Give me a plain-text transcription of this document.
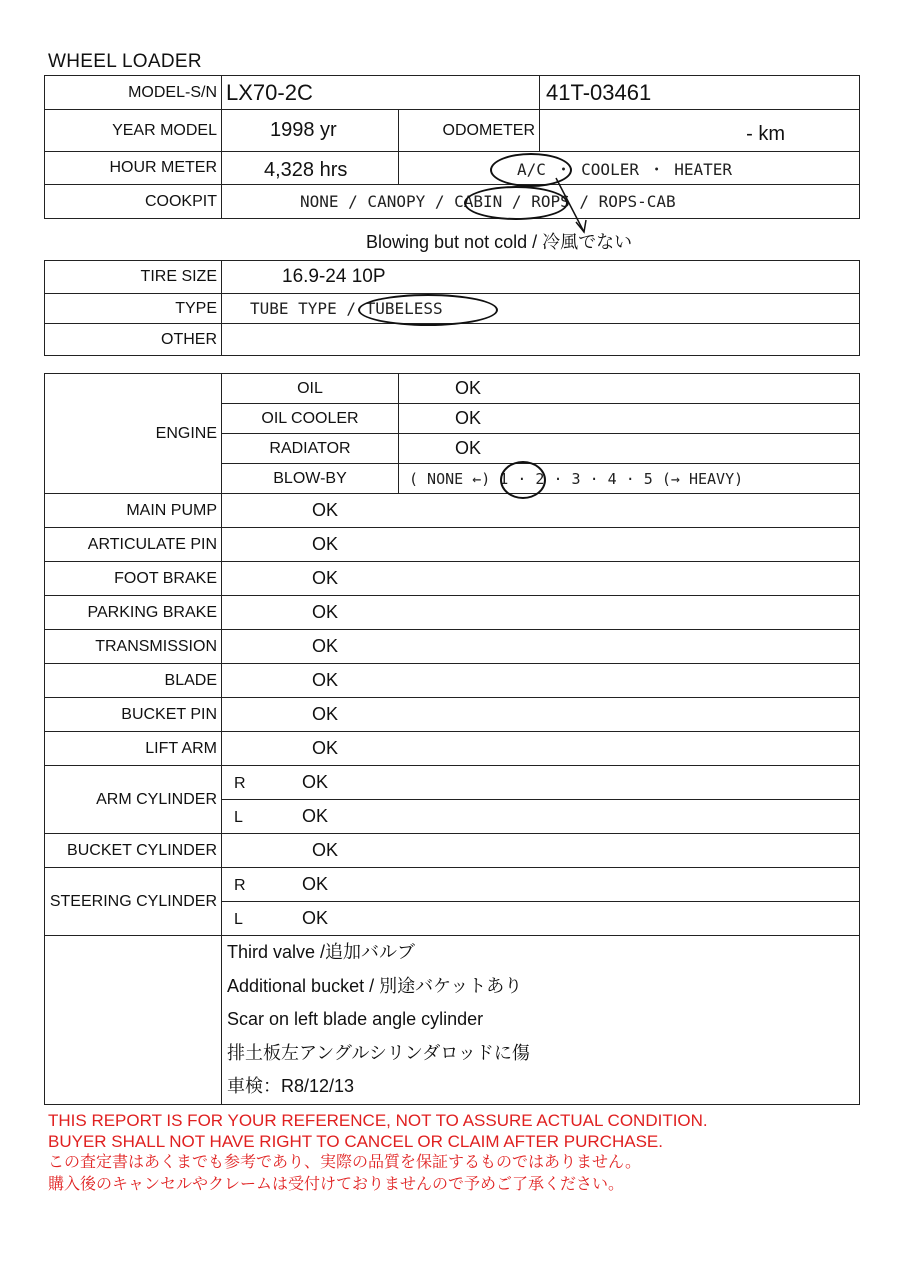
WHEEL LOADER
MODEL-S/N	LX70-2C		41T-03461
YEAR MODEL	1998 yr	ODOMETER	- km
HOUR METER	4,328 hrs	A/C ・ COOLER ・ HEATER	
COOKPIT	NONE / CANOPY / CABIN / ROPS / ROPS-CAB		
Blowing but not cold / 冷風でない
TIRE SIZE	16.9-24 10P
TYPE	TUBE TYPE / TUBELESS
OTHER	
ENGINE	OIL	OK
	OIL COOLER	OK
	RADIATOR	OK
	BLOW-BY	( NONE ←) 1 · 2 · 3 · 4 · 5 (→ HEAVY)
MAIN PUMP	OK	
ARTICULATE PIN	OK	
FOOT BRAKE	OK	
PARKING BRAKE	OK	
TRANSMISSION	OK	
BLADE	OK	
BUCKET PIN	OK	
LIFT ARM	OK	
ARM CYLINDER	R OK	
	L OK	
BUCKET CYLINDER	OK	
STEERING CYLINDER	R OK	
	L OK	

	Third valve /追加バルブ
Additional bucket / 別途バケットあり
Scar on left blade angle cylinder
排土板左アングルシリンダロッドに傷
車検：R8/12/13	
THIS REPORT IS FOR YOUR REFERENCE, NOT TO ASSURE ACTUAL CONDITION.
BUYER SHALL NOT HAVE RIGHT TO CANCEL OR CLAIM AFTER PURCHASE.
この査定書はあくまでも参考であり、実際の品質を保証するものではありません。
購入後のキャンセルやクレームは受付けておりませんので予めご了承ください。
